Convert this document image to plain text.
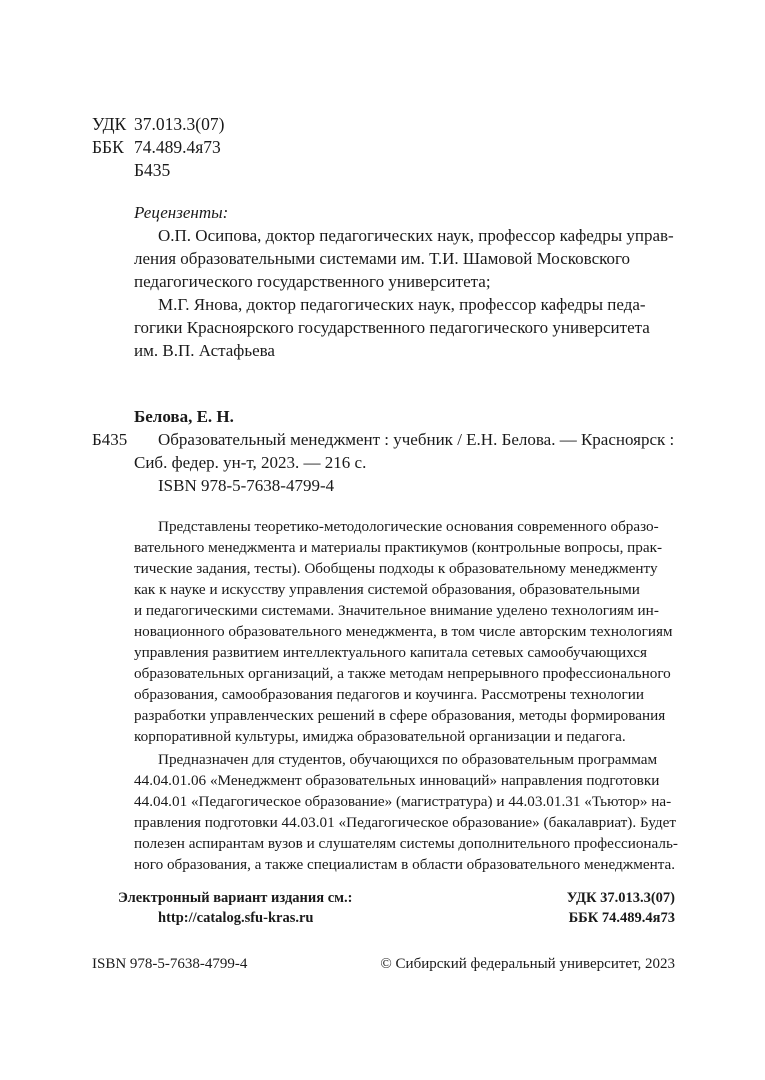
УДК 37.013.3(07)
ББК 74.489.4я73
Б435
Рецензенты:
О.П. Осипова, доктор педагогических наук, профессор кафедры управ-
ления образовательными системами им. Т.И. Шамовой Московского
педагогического государственного университета;
М.Г. Янова, доктор педагогических наук, профессор кафедры педа-
гогики Красноярского государственного педагогического университета
им. В.П. Астафьева
Белова, Е. Н.
Б435 Образовательный менеджмент : учебник / Е.Н. Белова. — Красноярск :
Сиб. федер. ун-т, 2023. — 216 с.
ISBN 978-5-7638-4799-4
Представлены теоретико-методологические основания современного образо-
вательного менеджмента и материалы практикумов (контрольные вопросы, прак-
тические задания, тесты). Обобщены подходы к образовательному менеджменту
как к науке и искусству управления системой образования, образовательными
и педагогическими системами. Значительное внимание уделено технологиям ин-
новационного образовательного менеджмента, в том числе авторским технологиям
управления развитием интеллектуального капитала сетевых самообучающихся
образовательных организаций, а также методам непрерывного профессионального
образования, самообразования педагогов и коучинга. Рассмотрены технологии
разработки управленческих решений в сфере образования, методы формирования
корпоративной культуры, имиджа образовательной организации и педагога.
Предназначен для студентов, обучающихся по образовательным программам
44.04.01.06 «Менеджмент образовательных инноваций» направления подготовки
44.04.01 «Педагогическое образование» (магистратура) и 44.03.01.31 «Тьютор» на-
правления подготовки 44.03.01 «Педагогическое образование» (бакалавриат). Будет
полезен аспирантам вузов и слушателям системы дополнительного профессиональ-
ного образования, а также специалистам в области образовательного менеджмента.
Электронный вариант издания см.:
http://catalog.sfu-kras.ru
УДК 37.013.3(07)
ББК 74.489.4я73
ISBN 978-5-7638-4799-4	© Сибирский федеральный университет, 2023
